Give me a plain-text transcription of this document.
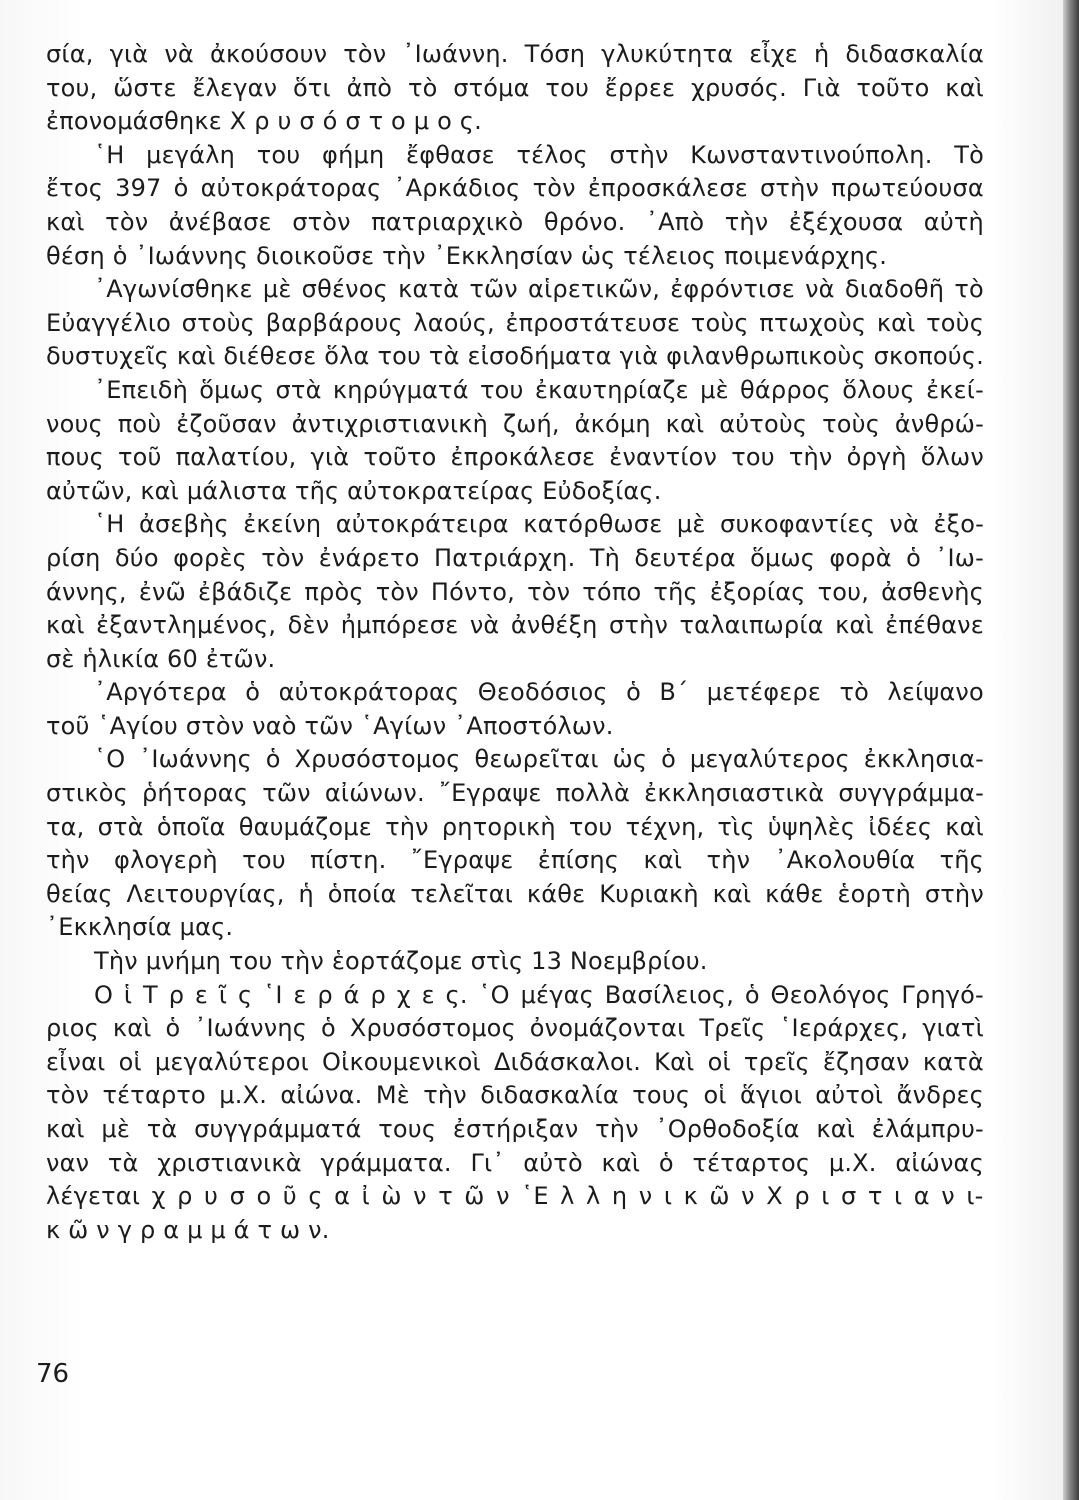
σία, γιὰ νὰ ἀκούσουν τὸν ᾿Ιωάννη. Τόση γλυκύτητα εἶχε ἡ διδασκαλία
του, ὥστε ἔλεγαν ὅτι ἀπὸ τὸ στόμα του ἔρρεε χρυσός. Γιὰ τοῦτο καὶ
ἐπονομάσθηκε Χ ρ υ σ ό σ τ ο μ ο ς.
῾Η μεγάλη του φήμη ἔφθασε τέλος στὴν Κωνσταντινούπολη. Τὸ
ἔτος 397 ὁ αὐτοκράτορας ᾿Αρκάδιος τὸν ἐπροσκάλεσε στὴν πρωτεύουσα
καὶ τὸν ἀνέβασε στὸν πατριαρχικὸ θρόνο. ᾿Απὸ τὴν ἐξέχουσα αὐτὴ
θέση ὁ ᾿Ιωάννης διοικοῦσε τὴν ᾿Εκκλησίαν ὡς τέλειος ποιμενάρχης.
᾿Αγωνίσθηκε μὲ σθένος κατὰ τῶν αἱρετικῶν, ἐφρόντισε νὰ διαδοθῆ τὸ
Εὐαγγέλιο στοὺς βαρβάρους λαούς, ἐπροστάτευσε τοὺς πτωχοὺς καὶ τοὺς
δυστυχεῖς καὶ διέθεσε ὅλα του τὰ εἰσοδήματα γιὰ φιλανθρωπικοὺς σκοπούς.
᾿Επειδὴ ὅμως στὰ κηρύγματά του ἐκαυτηρίαζε μὲ θάρρος ὅλους ἐκεί-
νους ποὺ ἐζοῦσαν ἀντιχριστιανικὴ ζωή, ἀκόμη καὶ αὐτοὺς τοὺς ἀνθρώ-
πους τοῦ παλατίου, γιὰ τοῦτο ἐπροκάλεσε ἐναντίον του τὴν ὀργὴ ὅλων
αὐτῶν, καὶ μάλιστα τῆς αὐτοκρατείρας Εὐδοξίας.
῾Η ἀσεβὴς ἐκείνη αὐτοκράτειρα κατόρθωσε μὲ συκοφαντίες νὰ ἐξο-
ρίση δύο φορὲς τὸν ἐνάρετο Πατριάρχη. Τὴ δευτέρα ὅμως φορὰ ὁ ᾿Ιω-
άννης, ἐνῶ ἐβάδιζε πρὸς τὸν Πόντο, τὸν τόπο τῆς ἐξορίας του, ἀσθενὴς
καὶ ἐξαντλημένος, δὲν ἠμπόρεσε νὰ ἀνθέξη στὴν ταλαιπωρία καὶ ἐπέθανε
σὲ ἡλικία 60 ἐτῶν.
᾿Αργότερα ὁ αὐτοκράτορας Θεοδόσιος ὁ Β΄ μετέφερε τὸ λείψανο
τοῦ ῾Αγίου στὸν ναὸ τῶν ῾Αγίων ᾿Αποστόλων.
῾Ο ᾿Ιωάννης ὁ Χρυσόστομος θεωρεῖται ὡς ὁ μεγαλύτερος ἐκκλησια-
στικὸς ῥήτορας τῶν αἰώνων. ῎Εγραψε πολλὰ ἐκκλησιαστικὰ συγγράμμα-
τα, στὰ ὁποῖα θαυμάζομε τὴν ρητορικὴ του τέχνη, τὶς ὑψηλὲς ἰδέες καὶ
τὴν φλογερὴ του πίστη. ῎Εγραψε ἐπίσης καὶ τὴν ᾿Ακολουθία τῆς
θείας Λειτουργίας, ἡ ὁποία τελεῖται κάθε Κυριακὴ καὶ κάθε ἑορτὴ στὴν
᾿Εκκλησία μας.
Τὴν μνήμη του τὴν ἑορτάζομε στὶς 13 Νοεμβρίου.
Ο ἱ Τ ρ ε ῖ ς ῾Ι ε ρ ά ρ χ ε ς. ῾Ο μέγας Βασίλειος, ὁ Θεολόγος Γρηγό-
ριος καὶ ὁ ᾿Ιωάννης ὁ Χρυσόστομος ὀνομάζονται Τρεῖς ῾Ιεράρχες, γιατὶ
εἶναι οἱ μεγαλύτεροι Οἰκουμενικοὶ Διδάσκαλοι. Καὶ οἱ τρεῖς ἔζησαν κατὰ
τὸν τέταρτο μ.Χ. αἰώνα. Μὲ τὴν διδασκαλία τους οἱ ἅγιοι αὐτοὶ ἄνδρες
καὶ μὲ τὰ συγγράμματά τους ἐστήριξαν τὴν ᾿Ορθοδοξία καὶ ἐλάμπρυ-
ναν τὰ χριστιανικὰ γράμματα. Γι᾿ αὐτὸ καὶ ὁ τέταρτος μ.Χ. αἰώνας
λέγεται χ ρ υ σ ο ῦ ς α ἰ ὼ ν τ ῶ ν ῾Ε λ λ η ν ι κ ῶ ν Χ ρ ι σ τ ι α ν ι-
κ ῶ ν γ ρ α μ μ ά τ ω ν.
76
